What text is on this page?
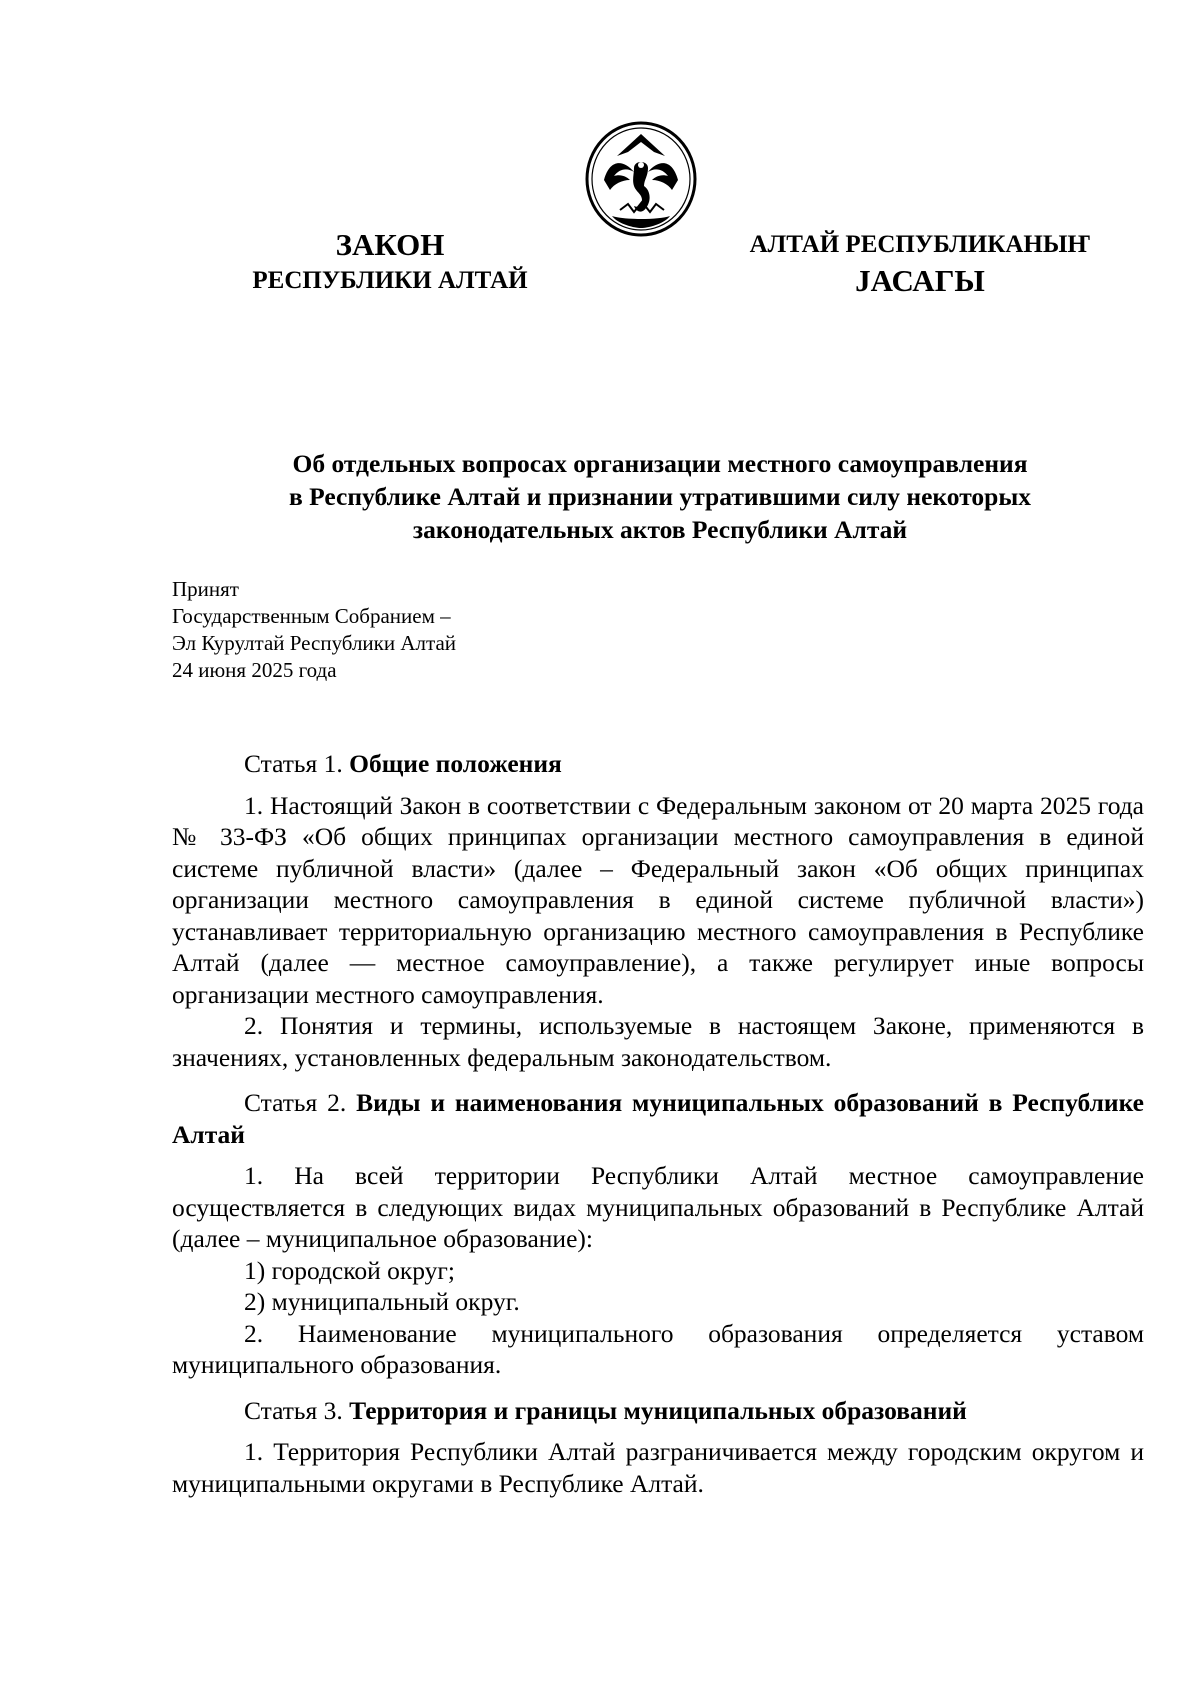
ЗАКОН
РЕСПУБЛИКИ АЛТАЙ
АЛТАЙ РЕСПУБЛИКАНЫҤ
JАСАГЫ
Об отдельных вопросах организации местного самоуправления
в Республике Алтай и признании утратившими силу некоторых
законодательных актов Республики Алтай
Принят
Государственным Собранием –
Эл Курултай Республики Алтай
24 июня 2025 года

Статья 1. Общие положения

1. Настоящий Закон в соответствии с Федеральным законом от 20 марта 2025 года № 33-ФЗ «Об общих принципах организации местного самоуправления в единой системе публичной власти» (далее – Федеральный закон «Об общих принципах организации местного самоуправления в единой системе публичной власти») устанавливает территориальную организацию местного самоуправления в Республике Алтай (далее — местное самоуправление), а также регулирует иные вопросы организации местного самоуправления.

2. Понятия и термины, используемые в настоящем Законе, применяются в значениях, установленных федеральным законодательством.

Статья 2. Виды и наименования муниципальных образований в Республике Алтай

1. На всей территории Республики Алтай местное самоуправление осуществляется в следующих видах муниципальных образований в Республике Алтай (далее – муниципальное образование):

1) городской округ;

2) муниципальный округ.

2. Наименование муниципального образования определяется уставом муниципального образования.

Статья 3. Территория и границы муниципальных образований

1. Территория Республики Алтай разграничивается между городским округом и муниципальными округами в Республике Алтай.
